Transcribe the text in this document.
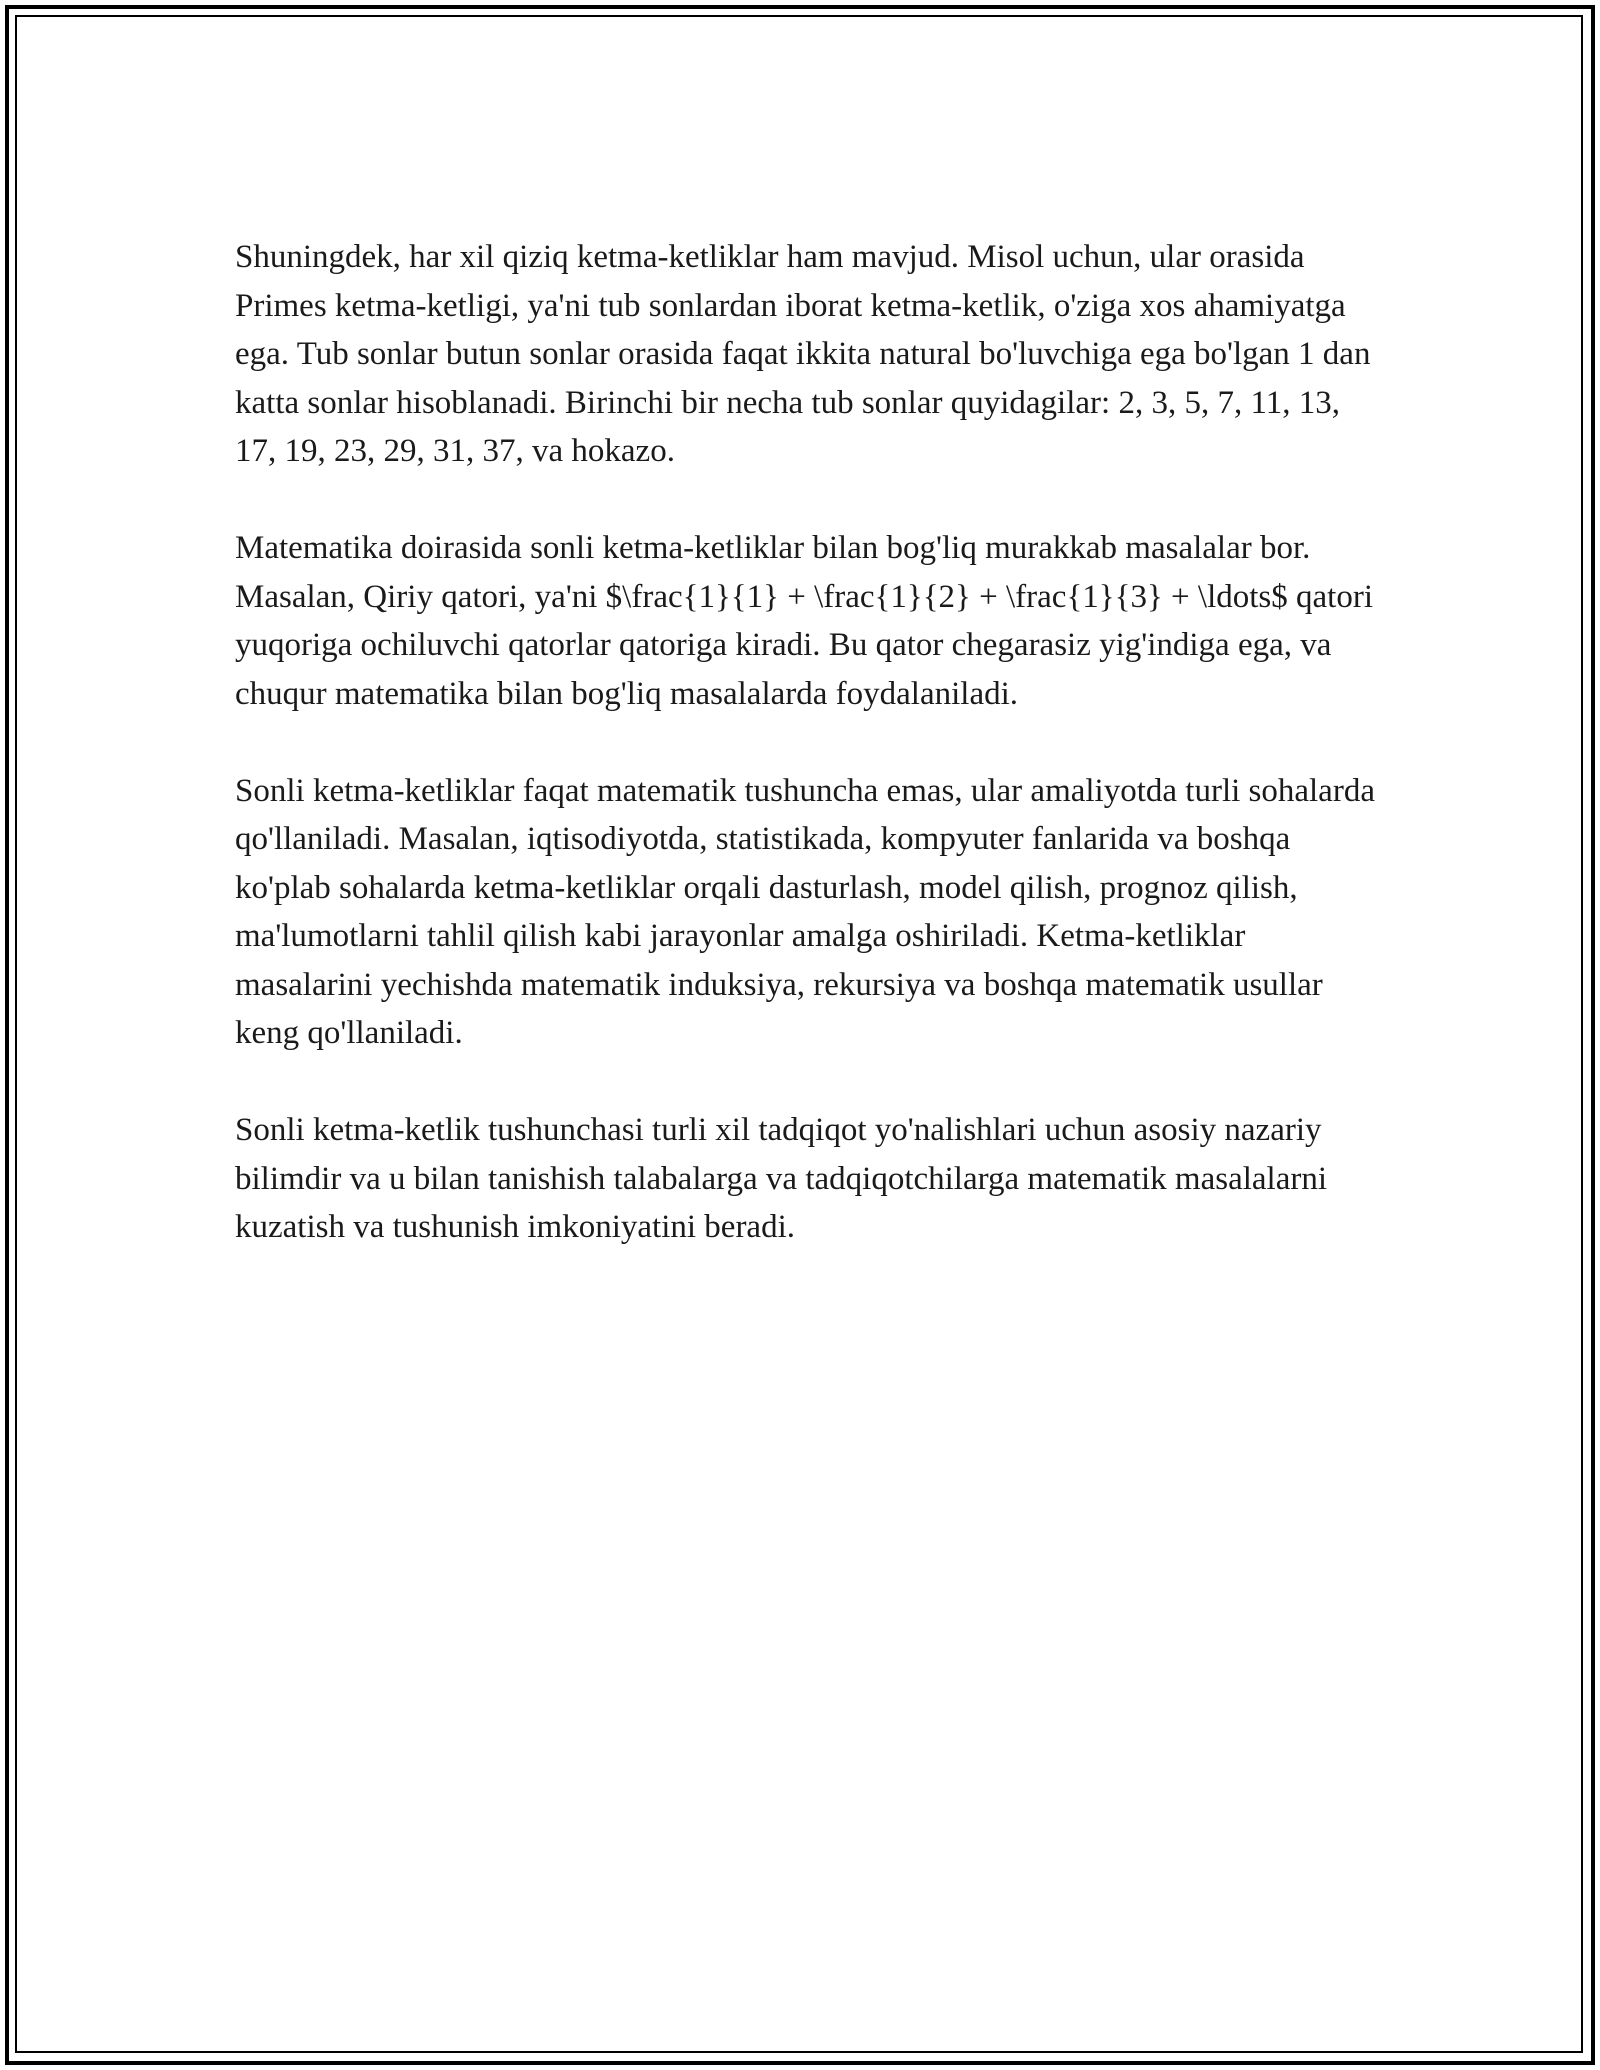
Shuningdek, har xil qiziq ketma-ketliklar ham mavjud. Misol uchun, ular orasida Primes ketma-ketligi, ya'ni tub sonlardan iborat ketma-ketlik, o'ziga xos ahamiyatga ega. Tub sonlar butun sonlar orasida faqat ikkita natural bo'luvchiga ega bo'lgan 1 dan katta sonlar hisoblanadi. Birinchi bir necha tub sonlar quyidagilar: 2, 3, 5, 7, 11, 13, 17, 19, 23, 29, 31, 37, va hokazo.

Matematika doirasida sonli ketma-ketliklar bilan bog'liq murakkab masalalar bor. Masalan, Qiriy qatori, ya'ni $\frac{1}{1} + \frac{1}{2} + \frac{1}{3} + \ldots$ qatori yuqoriga ochiluvchi qatorlar qatoriga kiradi. Bu qator chegarasiz yig'indiga ega, va chuqur matematika bilan bog'liq masalalarda foydalaniladi.

Sonli ketma-ketliklar faqat matematik tushuncha emas, ular amaliyotda turli sohalarda qo'llaniladi. Masalan, iqtisodiyotda, statistikada, kompyuter fanlarida va boshqa ko'plab sohalarda ketma-ketliklar orqali dasturlash, model qilish, prognoz qilish, ma'lumotlarni tahlil qilish kabi jarayonlar amalga oshiriladi. Ketma-ketliklar masalarini yechishda matematik induksiya, rekursiya va boshqa matematik usullar keng qo'llaniladi.

Sonli ketma-ketlik tushunchasi turli xil tadqiqot yo'nalishlari uchun asosiy nazariy bilimdir va u bilan tanishish talabalarga va tadqiqotchilarga matematik masalalarni kuzatish va tushunish imkoniyatini beradi.
